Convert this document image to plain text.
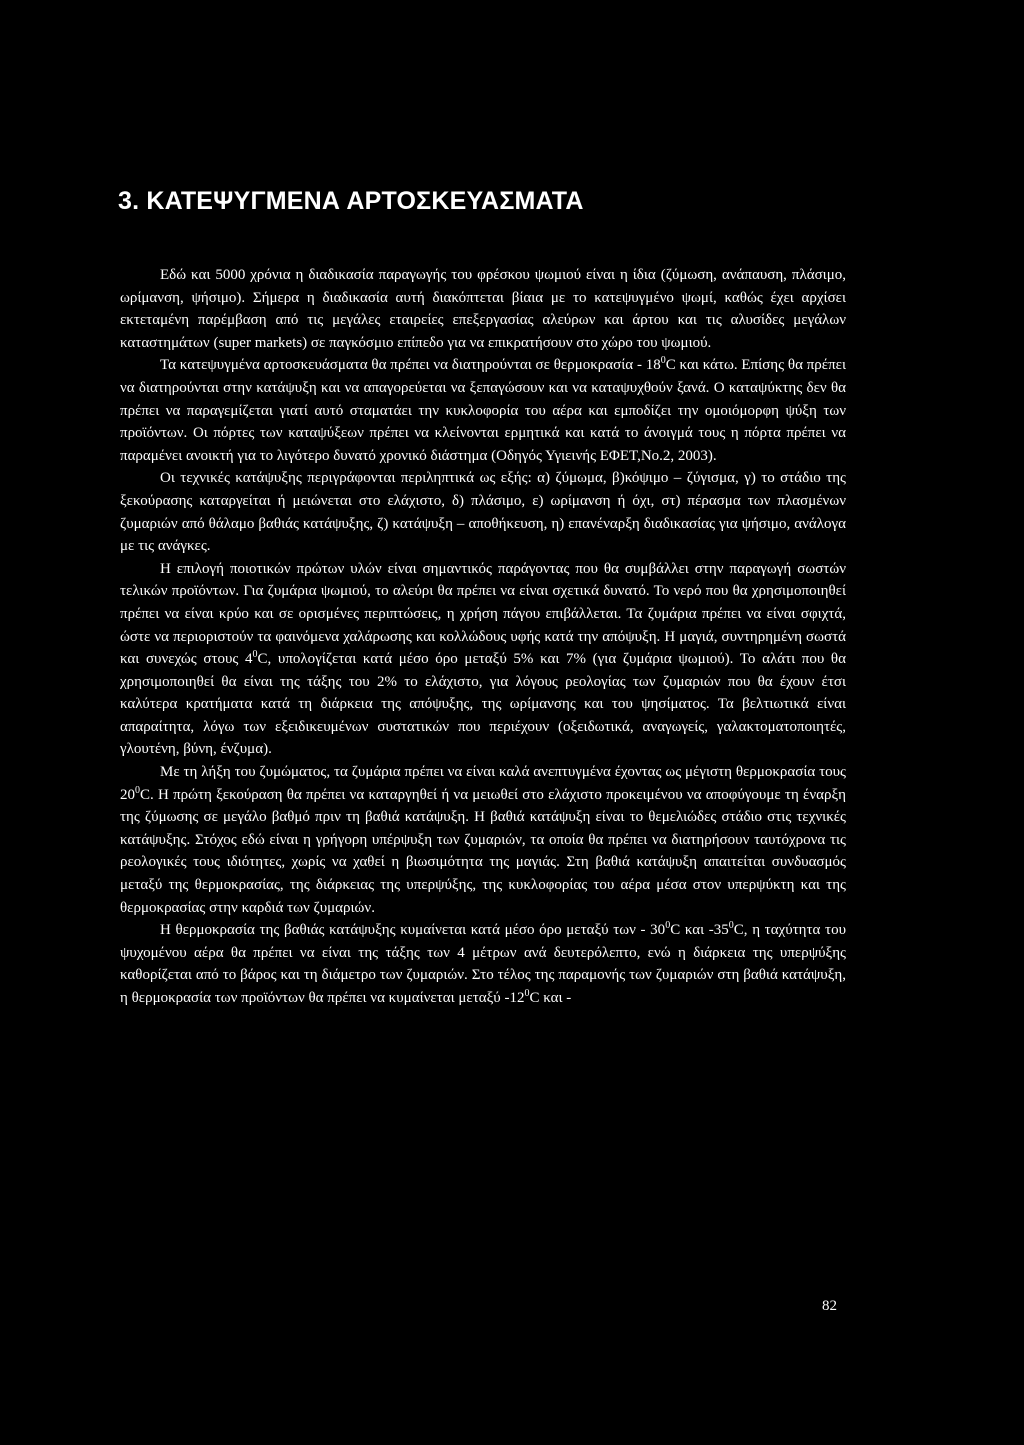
3. ΚΑΤΕΨΥΓΜΕΝΑ ΑΡΤΟΣΚΕΥΑΣΜΑΤΑ

Εδώ και 5000 χρόνια η διαδικασία παραγωγής του φρέσκου ψωμιού είναι η ίδια (ζύμωση, ανάπαυση, πλάσιμο, ωρίμανση, ψήσιμο). Σήμερα η διαδικασία αυτή διακόπτεται βίαια με το κατεψυγμένο ψωμί, καθώς έχει αρχίσει εκτεταμένη παρέμβαση από τις μεγάλες εταιρείες επεξεργασίας αλεύρων και άρτου και τις αλυσίδες μεγάλων καταστημάτων (super markets) σε παγκόσμιο επίπεδο για να επικρατήσουν στο χώρο του ψωμιού.

Τα κατεψυγμένα αρτοσκευάσματα θα πρέπει να διατηρούνται σε θερμοκρασία - $18^0C$ και κάτω. Επίσης θα πρέπει να διατηρούνται στην κατάψυξη και να απαγορεύεται να ξεπαγώσουν και να καταψυχθούν ξανά. Ο καταψύκτης δεν θα πρέπει να παραγεμίζεται γιατί αυτό σταματάει την κυκλοφορία του αέρα και εμποδίζει την ομοιόμορφη ψύξη των προϊόντων. Οι πόρτες των καταψύξεων πρέπει να κλείνονται ερμητικά και κατά το άνοιγμά τους η πόρτα πρέπει να παραμένει ανοικτή για το λιγότερο δυνατό χρονικό διάστημα (Οδηγός Υγιεινής ΕΦΕΤ,Νο.2, 2003).

Οι τεχνικές κατάψυξης περιγράφονται περιληπτικά ως εξής: α) ζύμωμα, β)κόψιμο – ζύγισμα, γ) το στάδιο της ξεκούρασης καταργείται ή μειώνεται στο ελάχιστο, δ) πλάσιμο, ε) ωρίμανση ή όχι, στ) πέρασμα των πλασμένων ζυμαριών από θάλαμο βαθιάς κατάψυξης, ζ) κατάψυξη – αποθήκευση, η) επανέναρξη διαδικασίας για ψήσιμο, ανάλογα με τις ανάγκες.

Η επιλογή ποιοτικών πρώτων υλών είναι σημαντικός παράγοντας που θα συμβάλλει στην παραγωγή σωστών τελικών προϊόντων. Για ζυμάρια ψωμιού, το αλεύρι θα πρέπει να είναι σχετικά δυνατό. Το νερό που θα χρησιμοποιηθεί πρέπει να είναι κρύο και σε ορισμένες περιπτώσεις, η χρήση πάγου επιβάλλεται. Τα ζυμάρια πρέπει να είναι σφιχτά, ώστε να περιοριστούν τα φαινόμενα χαλάρωσης και κολλώδους υφής κατά την απόψυξη. Η μαγιά, συντηρημένη σωστά και συνεχώς στους $4^0C$, υπολογίζεται κατά μέσο όρο μεταξύ 5% και 7% (για ζυμάρια ψωμιού). Το αλάτι που θα χρησιμοποιηθεί θα είναι της τάξης του 2% το ελάχιστο, για λόγους ρεολογίας των ζυμαριών που θα έχουν έτσι καλύτερα κρατήματα κατά τη διάρκεια της απόψυξης, της ωρίμανσης και του ψησίματος. Τα βελτιωτικά είναι απαραίτητα, λόγω των εξειδικευμένων συστατικών που περιέχουν (οξειδωτικά, αναγωγείς, γαλακτοματοποιητές, γλουτένη, βύνη, ένζυμα).

Με τη λήξη του ζυμώματος, τα ζυμάρια πρέπει να είναι καλά ανεπτυγμένα έχοντας ως μέγιστη θερμοκρασία τους $20^0C$. Η πρώτη ξεκούραση θα πρέπει να καταργηθεί ή να μειωθεί στο ελάχιστο προκειμένου να αποφύγουμε τη έναρξη της ζύμωσης σε μεγάλο βαθμό πριν τη βαθιά κατάψυξη. Η βαθιά κατάψυξη είναι το θεμελιώδες στάδιο στις τεχνικές κατάψυξης. Στόχος εδώ είναι η γρήγορη υπέρψυξη των ζυμαριών, τα οποία θα πρέπει να διατηρήσουν ταυτόχρονα τις ρεολογικές τους ιδιότητες, χωρίς να χαθεί η βιωσιμότητα της μαγιάς. Στη βαθιά κατάψυξη απαιτείται συνδυασμός μεταξύ της θερμοκρασίας, της διάρκειας της υπερψύξης, της κυκλοφορίας του αέρα μέσα στον υπερψύκτη και της θερμοκρασίας στην καρδιά των ζυμαριών.

Η θερμοκρασία της βαθιάς κατάψυξης κυμαίνεται κατά μέσο όρο μεταξύ των - $30^0C$ και $-35^0C$, η ταχύτητα του ψυχομένου αέρα θα πρέπει να είναι της τάξης των 4 μέτρων ανά δευτερόλεπτο, ενώ η διάρκεια της υπερψύξης καθορίζεται από το βάρος και τη διάμετρο των ζυμαριών. Στο τέλος της παραμονής των ζυμαριών στη βαθιά κατάψυξη, η θερμοκρασία των προϊόντων θα πρέπει να κυμαίνεται μεταξύ $-12^0C$ και -

82
